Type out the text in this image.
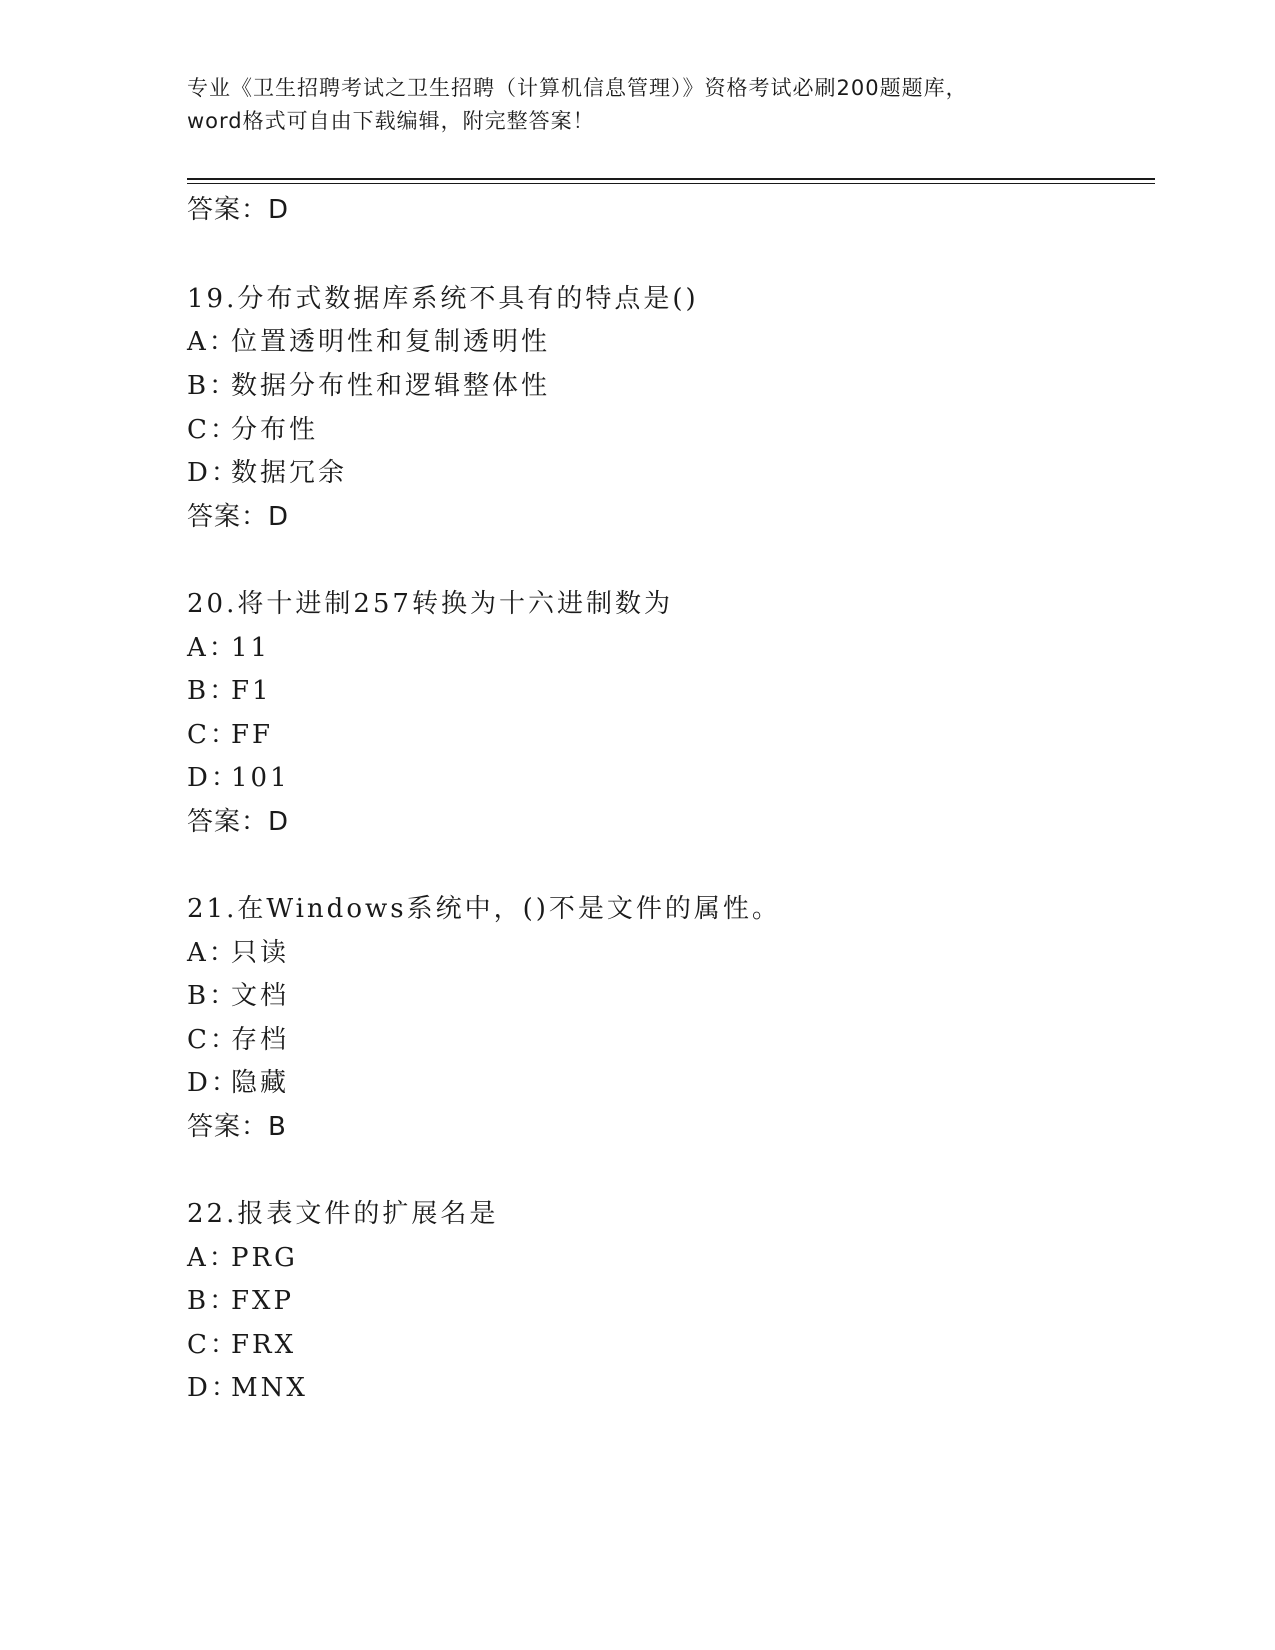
专业《卫生招聘考试之卫生招聘（计算机信息管理）》资格考试必刷200题题库，
word格式可自由下载编辑，附完整答案！
答案：D
19.分布式数据库系统不具有的特点是()
A：位置透明性和复制透明性
B：数据分布性和逻辑整体性
C：分布性
D：数据冗余
答案：D
20.将十进制257转换为十六进制数为
A：11
B：F1
C：FF
D：101
答案：D
21.在Windows系统中，()不是文件的属性。
A：只读
B：文档
C：存档
D：隐藏
答案：B
22.报表文件的扩展名是
A：PRG
B：FXP
C：FRX
D：MNX
